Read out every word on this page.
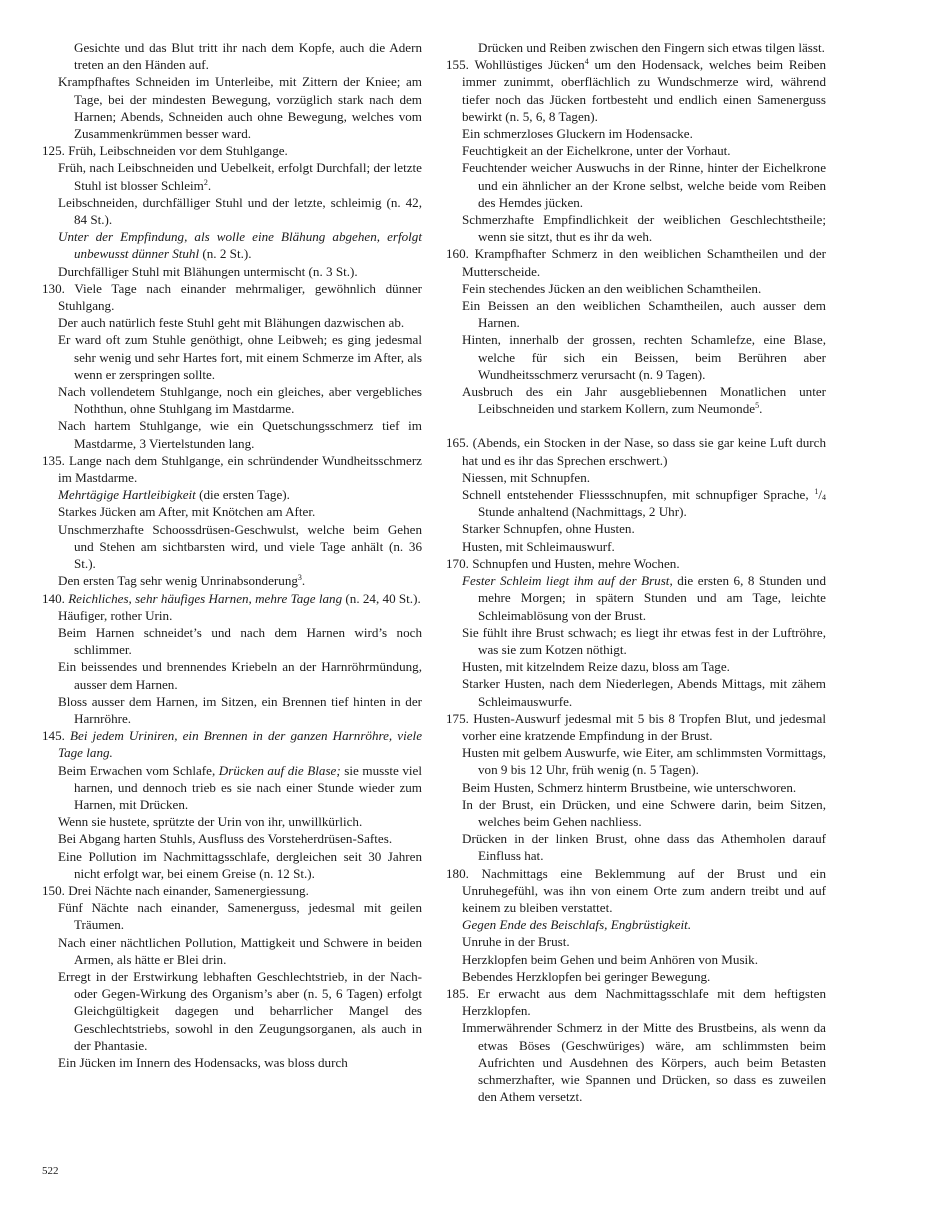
Gesichte und das Blut tritt ihr nach dem Kopfe, auch die Adern treten an den Händen auf.
Krampfhaftes Schneiden im Unterleibe, mit Zittern der Kniee; am Tage, bei der mindesten Bewegung, vorzüglich stark nach dem Harnen; Abends, Schneiden auch ohne Bewegung, welches vom Zusammenkrümmen besser ward.
125. Früh, Leibschneiden vor dem Stuhlgange.
Früh, nach Leibschneiden und Uebelkeit, erfolgt Durchfall; der letzte Stuhl ist blosser Schleim$^2$.
Leibschneiden, durchfälliger Stuhl und der letzte, schleimig (n. 42, 84 St.).
Unter der Empfindung, als wolle eine Blähung abgehen, erfolgt unbewusst dünner Stuhl (n. 2 St.).
Durchfälliger Stuhl mit Blähungen untermischt (n. 3 St.).
130. Viele Tage nach einander mehrmaliger, gewöhnlich dünner Stuhlgang.
Der auch natürlich feste Stuhl geht mit Blähungen dazwischen ab.
Er ward oft zum Stuhle genöthigt, ohne Leibweh; es ging jedesmal sehr wenig und sehr Hartes fort, mit einem Schmerze im After, als wenn er zerspringen sollte.
Nach vollendetem Stuhlgange, noch ein gleiches, aber vergebliches Noththun, ohne Stuhlgang im Mastdarme.
Nach hartem Stuhlgange, wie ein Quetschungsschmerz tief im Mastdarme, 3 Viertelstunden lang.
135. Lange nach dem Stuhlgange, ein schründender Wundheitsschmerz im Mastdarme.
Mehrtägige Hartleibigkeit (die ersten Tage).
Starkes Jücken am After, mit Knötchen am After.
Unschmerzhafte Schoossdrüsen-Geschwulst, welche beim Gehen und Stehen am sichtbarsten wird, und viele Tage anhält (n. 36 St.).
Den ersten Tag sehr wenig Unrinabsonderung$^3$.
140. Reichliches, sehr häufiges Harnen, mehre Tage lang (n. 24, 40 St.).
Häufiger, rother Urin.
Beim Harnen schneidet’s und nach dem Harnen wird’s noch schlimmer.
Ein beissendes und brennendes Kriebeln an der Harnröhrmündung, ausser dem Harnen.
Bloss ausser dem Harnen, im Sitzen, ein Brennen tief hinten in der Harnröhre.
145. Bei jedem Uriniren, ein Brennen in der ganzen Harnröhre, viele Tage lang.
Beim Erwachen vom Schlafe, Drücken auf die Blase; sie musste viel harnen, und dennoch trieb es sie nach einer Stunde wieder zum Harnen, mit Drücken.
Wenn sie hustete, sprützte der Urin von ihr, unwillkürlich.
Bei Abgang harten Stuhls, Ausfluss des Vorsteherdrüsen-Saftes.
Eine Pollution im Nachmittagsschlafe, dergleichen seit 30 Jahren nicht erfolgt war, bei einem Greise (n. 12 St.).
150. Drei Nächte nach einander, Samenergiessung.
Fünf Nächte nach einander, Samenerguss, jedesmal mit geilen Träumen.
Nach einer nächtlichen Pollution, Mattigkeit und Schwere in beiden Armen, als hätte er Blei drin.
Erregt in der Erstwirkung lebhaften Geschlechtstrieb, in der Nach- oder Gegen-Wirkung des Organism’s aber (n. 5, 6 Tagen) erfolgt Gleichgültigkeit dagegen und beharrlicher Mangel des Geschlechtstriebs, sowohl in den Zeugungsorganen, als auch in der Phantasie.
Ein Jücken im Innern des Hodensacks, was bloss durch
Drücken und Reiben zwischen den Fingern sich etwas tilgen lässt.
155. Wohllüstiges Jücken$^4$ um den Hodensack, welches beim Reiben immer zunimmt, oberflächlich zu Wundschmerze wird, während tiefer noch das Jücken fortbesteht und endlich einen Samenerguss bewirkt (n. 5, 6, 8 Tagen).
Ein schmerzloses Gluckern im Hodensacke.
Feuchtigkeit an der Eichelkrone, unter der Vorhaut.
Feuchtender weicher Auswuchs in der Rinne, hinter der Eichelkrone und ein ähnlicher an der Krone selbst, welche beide vom Reiben des Hemdes jücken.
Schmerzhafte Empfindlichkeit der weiblichen Geschlechtstheile; wenn sie sitzt, thut es ihr da weh.
160. Krampfhafter Schmerz in den weiblichen Schamtheilen und der Mutterscheide.
Fein stechendes Jücken an den weiblichen Schamtheilen.
Ein Beissen an den weiblichen Schamtheilen, auch ausser dem Harnen.
Hinten, innerhalb der grossen, rechten Schamlefze, eine Blase, welche für sich ein Beissen, beim Berühren aber Wundheitsschmerz verursacht (n. 9 Tagen).
Ausbruch des ein Jahr ausgebliebennen Monatlichen unter Leibschneiden und starkem Kollern, zum Neumonde$^5$.
165. (Abends, ein Stocken in der Nase, so dass sie gar keine Luft durch hat und es ihr das Sprechen erschwert.)
Niessen, mit Schnupfen.
Schnell entstehender Fliessschnupfen, mit schnupfiger Sprache, $^1/_4$ Stunde anhaltend (Nachmittags, 2 Uhr).
Starker Schnupfen, ohne Husten.
Husten, mit Schleimauswurf.
170. Schnupfen und Husten, mehre Wochen.
Fester Schleim liegt ihm auf der Brust, die ersten 6, 8 Stunden und mehre Morgen; in spätern Stunden und am Tage, leichte Schleimablösung von der Brust.
Sie fühlt ihre Brust schwach; es liegt ihr etwas fest in der Luftröhre, was sie zum Kotzen nöthigt.
Husten, mit kitzelndem Reize dazu, bloss am Tage.
Starker Husten, nach dem Niederlegen, Abends Mittags, mit zähem Schleimauswurfe.
175. Husten-Auswurf jedesmal mit 5 bis 8 Tropfen Blut, und jedesmal vorher eine kratzende Empfindung in der Brust.
Husten mit gelbem Auswurfe, wie Eiter, am schlimmsten Vormittags, von 9 bis 12 Uhr, früh wenig (n. 5 Tagen).
Beim Husten, Schmerz hinterm Brustbeine, wie unterschworen.
In der Brust, ein Drücken, und eine Schwere darin, beim Sitzen, welches beim Gehen nachliess.
Drücken in der linken Brust, ohne dass das Athemholen darauf Einfluss hat.
180. Nachmittags eine Beklemmung auf der Brust und ein Unruhegefühl, was ihn von einem Orte zum andern treibt und auf keinem zu bleiben verstattet.
Gegen Ende des Beischlafs, Engbrüstigkeit.
Unruhe in der Brust.
Herzklopfen beim Gehen und beim Anhören von Musik.
Bebendes Herzklopfen bei geringer Bewegung.
185. Er erwacht aus dem Nachmittagsschlafe mit dem heftigsten Herzklopfen.
Immerwährender Schmerz in der Mitte des Brustbeins, als wenn da etwas Böses (Geschwüriges) wäre, am schlimmsten beim Aufrichten und Ausdehnen des Körpers, auch beim Betasten schmerzhafter, wie Spannen und Drücken, so dass es zuweilen den Athem versetzt.
522
